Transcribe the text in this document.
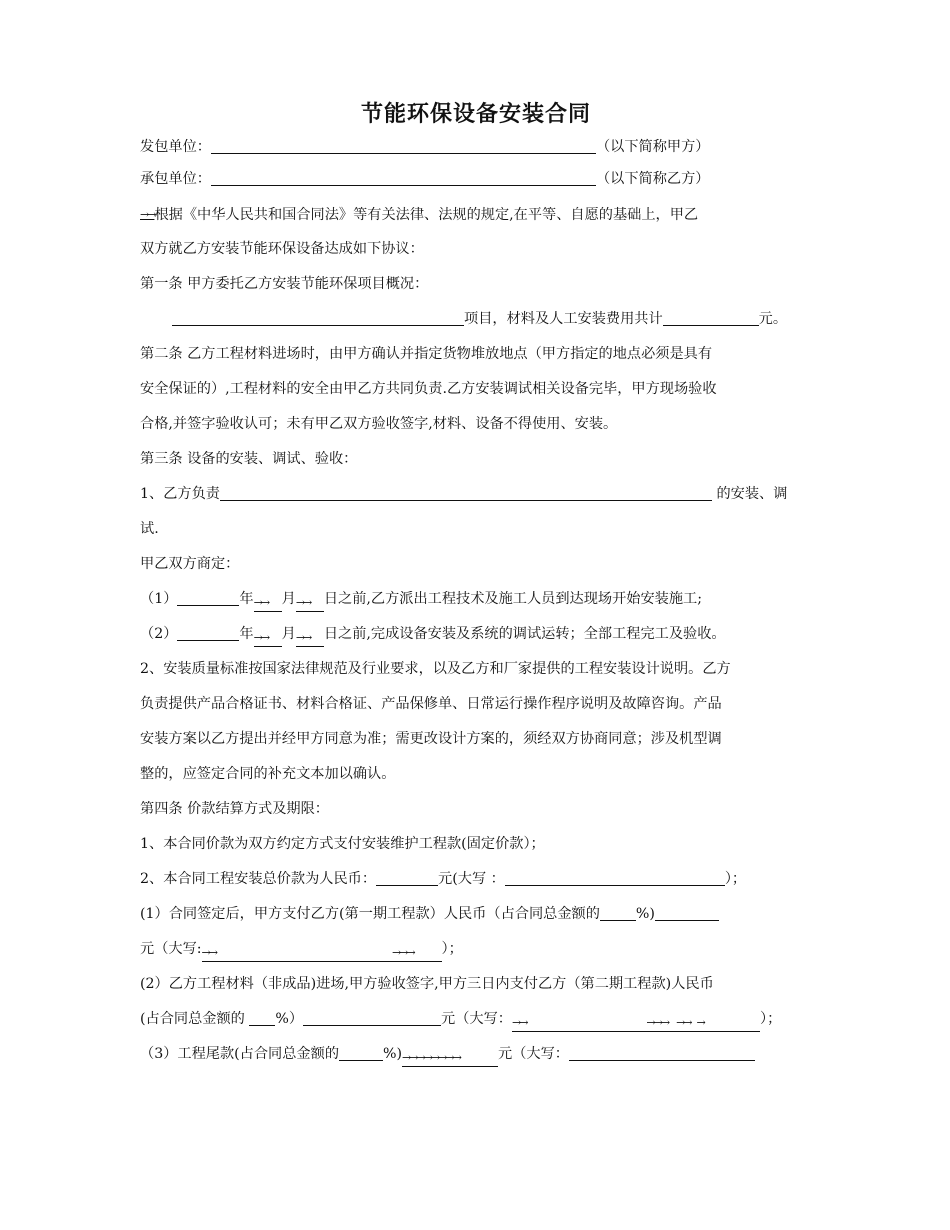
节能环保设备安装合同
发包单位：	（以下简称甲方）
承包单位：	（以下简称乙方）
→→根据《中华人民共和国合同法》等有关法律、法规的规定,在平等、自愿的基础上，甲乙
双方就乙方安装节能环保设备达成如下协议：
第一条 甲方委托乙方安装节能环保项目概况：
项目，材料及人工安装费用共计	元。
第二条 乙方工程材料进场时，由甲方确认并指定货物堆放地点（甲方指定的地点必须是具有
安全保证的）,工程材料的安全由甲乙方共同负责.乙方安装调试相关设备完毕，甲方现场验收
合格,并签字验收认可；未有甲乙双方验收签字,材料、设备不得使用、安装。
第三条 设备的安装、调试、验收：
1、乙方负责	的安装、调
试.
甲乙双方商定：
（1）	年→→ 月→→ 日之前,乙方派出工程技术及施工人员到达现场开始安装施工;
（2）	年→→ 月→→ 日之前,完成设备安装及系统的调试运转；全部工程完工及验收。
2、安装质量标准按国家法律规范及行业要求，以及乙方和厂家提供的工程安装设计说明。乙方
负责提供产品合格证书、材料合格证、产品保修单、日常运行操作程序说明及故障咨询。产品
安装方案以乙方提出并经甲方同意为准；需更改设计方案的，须经双方协商同意；涉及机型调
整的，应签定合同的补充文本加以确认。
第四条 价款结算方式及期限：
1、本合同价款为双方约定方式支付安装维护工程款(固定价款）；
2、本合同工程安装总价款为人民币：	元(大写 ：	）；
(1）合同签定后，甲方支付乙方(第一期工程款）人民币（占合同总金额的	%)
元（大写:→→	→→→ ）；
(2）乙方工程材料（非成品)进场,甲方验收签字,甲方三日内支付乙方（第二期工程款)人民币
(占合同总金额的 %）	元（大写：→→	→→→ →→ →	）；
（3）工程尾款(占合同总金额的	%)→→→→→→→→	元（大写：
